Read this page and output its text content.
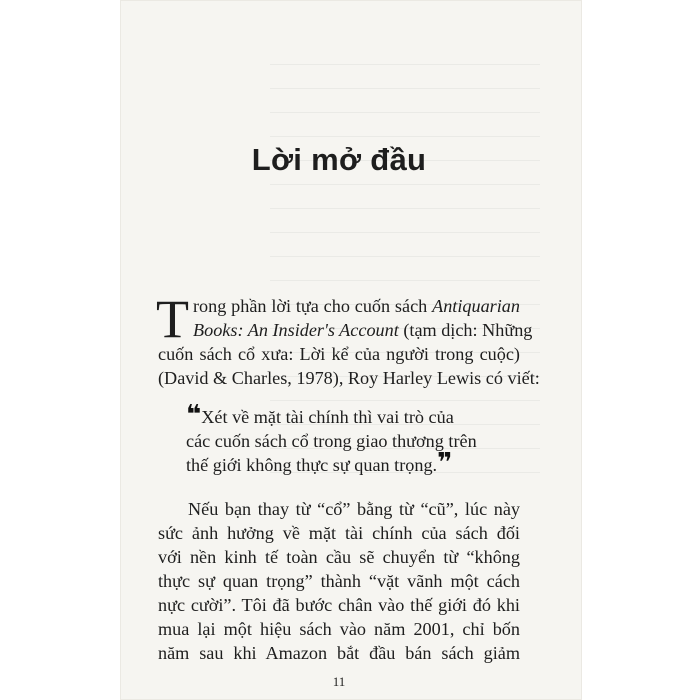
Lời mở đầu
T rong phần lời tựa cho cuốn sách Antiquarian
Books: An Insider's Account (tạm dịch: Những
cuốn sách cổ xưa: Lời kể của người trong cuộc)
(David & Charles, 1978), Roy Harley Lewis có viết:
❝Xét về mặt tài chính thì vai trò của
các cuốn sách cổ trong giao thương trên
thế giới không thực sự quan trọng.❞
Nếu bạn thay từ “cổ” bằng từ “cũ”, lúc này
sức ảnh hưởng về mặt tài chính của sách đối
với nền kinh tế toàn cầu sẽ chuyển từ “không
thực sự quan trọng” thành “vặt vãnh một cách
nực cười”. Tôi đã bước chân vào thế giới đó khi
mua lại một hiệu sách vào năm 2001, chỉ bốn
năm sau khi Amazon bắt đầu bán sách giảm
11
